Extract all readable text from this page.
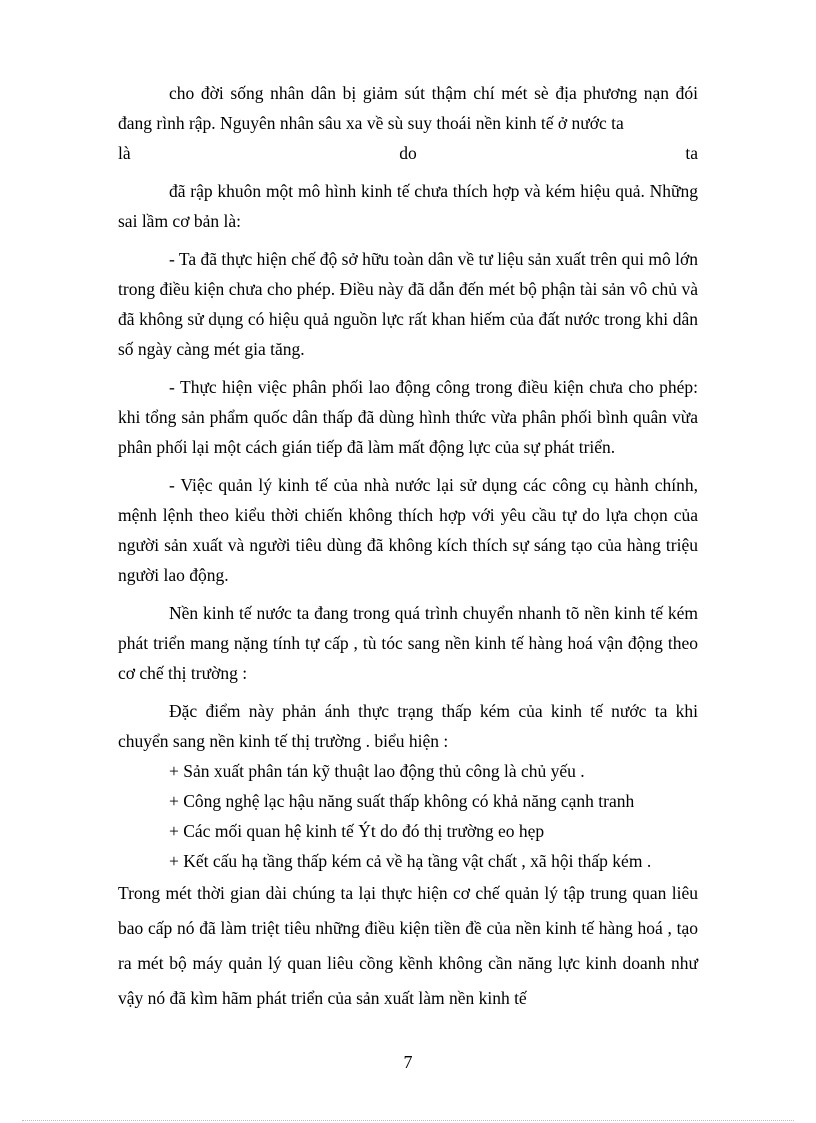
cho đời sống nhân dân bị giảm sút thậm chí mét sè địa phương nạn đói đang rình rập. Nguyên nhân sâu xa về sù suy thoái nền kinh tế ở nước ta

là	do	ta

đã rập khuôn một mô hình kinh tế chưa thích hợp và kém hiệu quả. Những sai lầm cơ bản là:

- Ta đã thực hiện chế độ sở hữu toàn dân về tư liệu sản xuất trên qui mô lớn trong điều kiện chưa cho phép. Điều này đã dẫn đến mét bộ phận tài sản vô chủ và đã không sử dụng có hiệu quả nguồn lực rất khan hiếm của đất nước trong khi dân số ngày càng mét gia tăng.

- Thực hiện việc phân phối lao động công trong điều kiện chưa cho phép: khi tổng sản phẩm quốc dân thấp đã dùng hình thức vừa phân phối bình quân vừa phân phối lại một cách gián tiếp đã làm mất động lực của sự phát triển.

- Việc quản lý kinh tế của nhà nước lại sử dụng các công cụ hành chính, mệnh lệnh theo kiểu thời chiến không thích hợp với yêu cầu tự do lựa chọn của người sản xuất và người tiêu dùng đã không kích thích sự sáng tạo của hàng triệu người lao động.

Nền kinh tế nước ta đang trong quá trình chuyển nhanh tõ nền kinh tế kém phát triển mang nặng tính tự cấp , tù tóc sang nền kinh tế hàng hoá vận động theo cơ chế thị trường :

Đặc điểm này phản ánh thực trạng thấp kém của kinh tế nước ta khi chuyển sang nền kinh tế thị trường . biểu hiện :

+ Sản xuất phân tán kỹ thuật lao động thủ công là chủ yếu .

+ Công nghệ lạc hậu năng suất thấp không có khả năng cạnh tranh

+ Các mối quan hệ kinh tế Ýt do đó thị trường eo hẹp

+ Kết cấu hạ tầng thấp kém cả về hạ tầng vật chất , xã hội thấp kém .

Trong mét thời gian dài chúng ta lại thực hiện cơ chế quản lý tập trung quan liêu bao cấp nó đã làm triệt tiêu những điều kiện tiền đề của nền kinh tế hàng hoá , tạo ra mét bộ máy quản lý quan liêu cồng kềnh không cần năng lực kinh doanh như vậy nó đã kìm hãm phát triển của sản xuất làm nền kinh tế

7
